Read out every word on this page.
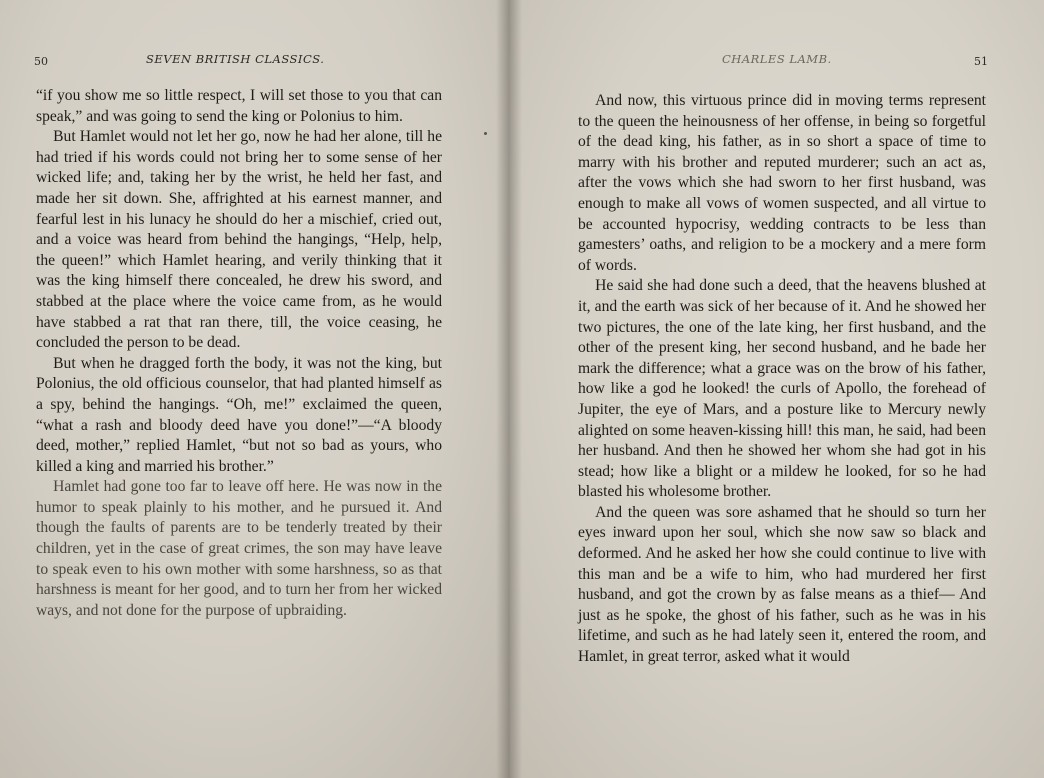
50	SEVEN BRITISH CLASSICS.

“if you show me so little respect, I will set those to you that can speak,” and was going to send the king or Polonius to him.

But Hamlet would not let her go, now he had her alone, till he had tried if his words could not bring her to some sense of her wicked life; and, taking her by the wrist, he held her fast, and made her sit down. She, affrighted at his earnest manner, and fearful lest in his lunacy he should do her a mischief, cried out, and a voice was heard from behind the hangings, “Help, help, the queen!” which Hamlet hearing, and verily thinking that it was the king himself there concealed, he drew his sword, and stabbed at the place where the voice came from, as he would have stabbed a rat that ran there, till, the voice ceasing, he concluded the person to be dead.

But when he dragged forth the body, it was not the king, but Polonius, the old officious counselor, that had planted himself as a spy, behind the hangings. “Oh, me!” exclaimed the queen, “what a rash and bloody deed have you done!”—“A bloody deed, mother,” replied Hamlet, “but not so bad as yours, who killed a king and married his brother.”

Hamlet had gone too far to leave off here. He was now in the humor to speak plainly to his mother, and he pursued it. And though the faults of parents are to be tenderly treated by their children, yet in the case of great crimes, the son may have leave to speak even to his own mother with some harshness, so as that harshness is meant for her good, and to turn her from her wicked ways, and not done for the purpose of upbraiding.

CHARLES LAMB.	51

And now, this virtuous prince did in moving terms represent to the queen the heinousness of her offense, in being so forgetful of the dead king, his father, as in so short a space of time to marry with his brother and reputed murderer; such an act as, after the vows which she had sworn to her first husband, was enough to make all vows of women suspected, and all virtue to be accounted hypocrisy, wedding contracts to be less than gamesters’ oaths, and religion to be a mockery and a mere form of words.

He said she had done such a deed, that the heavens blushed at it, and the earth was sick of her because of it. And he showed her two pictures, the one of the late king, her first husband, and the other of the present king, her second husband, and he bade her mark the difference; what a grace was on the brow of his father, how like a god he looked! the curls of Apollo, the forehead of Jupiter, the eye of Mars, and a posture like to Mercury newly alighted on some heaven-kissing hill! this man, he said, had been her husband. And then he showed her whom she had got in his stead; how like a blight or a mildew he looked, for so he had blasted his wholesome brother.

And the queen was sore ashamed that he should so turn her eyes inward upon her soul, which she now saw so black and deformed. And he asked her how she could continue to live with this man and be a wife to him, who had murdered her first husband, and got the crown by as false means as a thief— And just as he spoke, the ghost of his father, such as he was in his lifetime, and such as he had lately seen it, entered the room, and Hamlet, in great terror, asked what it would
